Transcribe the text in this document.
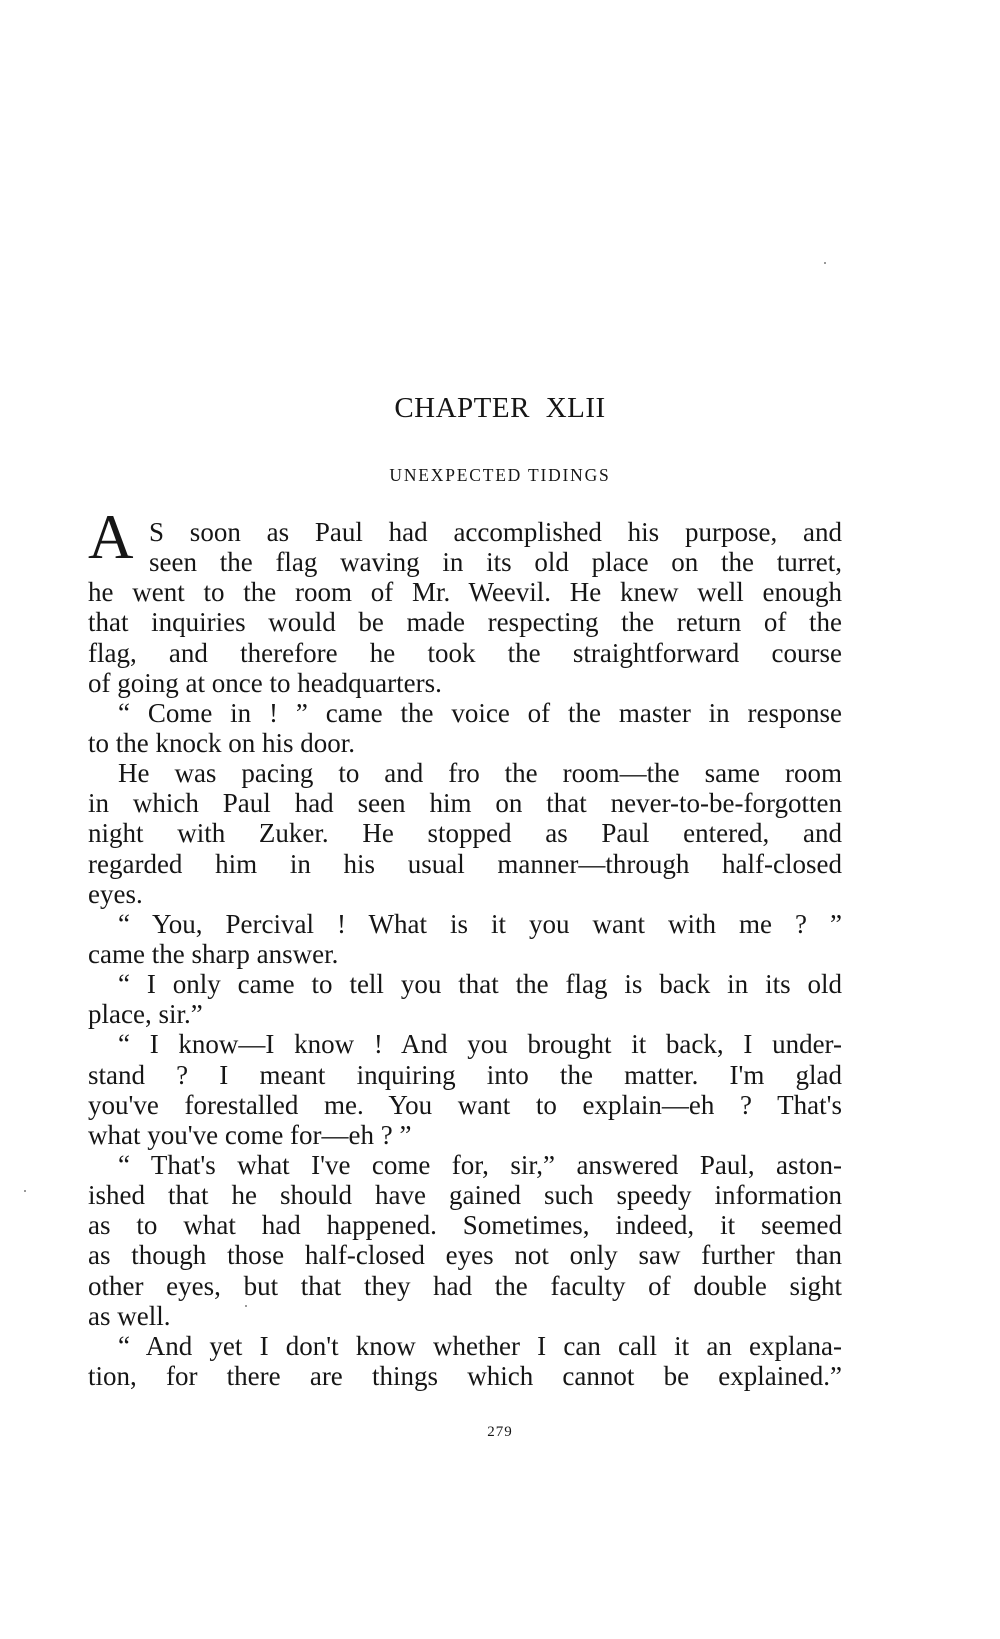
CHAPTER XLII
UNEXPECTED TIDINGS
A S soon as Paul had accomplished his purpose, and
seen the flag waving in its old place on the turret,
he went to the room of Mr. Weevil. He knew well enough
that inquiries would be made respecting the return of the
flag, and therefore he took the straightforward course
of going at once to headquarters.
“ Come in ! ” came the voice of the master in response
to the knock on his door.
He was pacing to and fro the room—the same room
in which Paul had seen him on that never-to-be-forgotten
night with Zuker. He stopped as Paul entered, and
regarded him in his usual manner—through half-closed
eyes.
“ You, Percival ! What is it you want with me ? ”
came the sharp answer.
“ I only came to tell you that the flag is back in its old
place, sir.”
“ I know—I know ! And you brought it back, I under-
stand ? I meant inquiring into the matter. I'm glad
you've forestalled me. You want to explain—eh ? That's
what you've come for—eh ? ”
“ That's what I've come for, sir,” answered Paul, aston-
ished that he should have gained such speedy information
as to what had happened. Sometimes, indeed, it seemed
as though those half-closed eyes not only saw further than
other eyes, but that they had the faculty of double sight
as well.
“ And yet I don't know whether I can call it an explana-
tion, for there are things which cannot be explained.”
279
